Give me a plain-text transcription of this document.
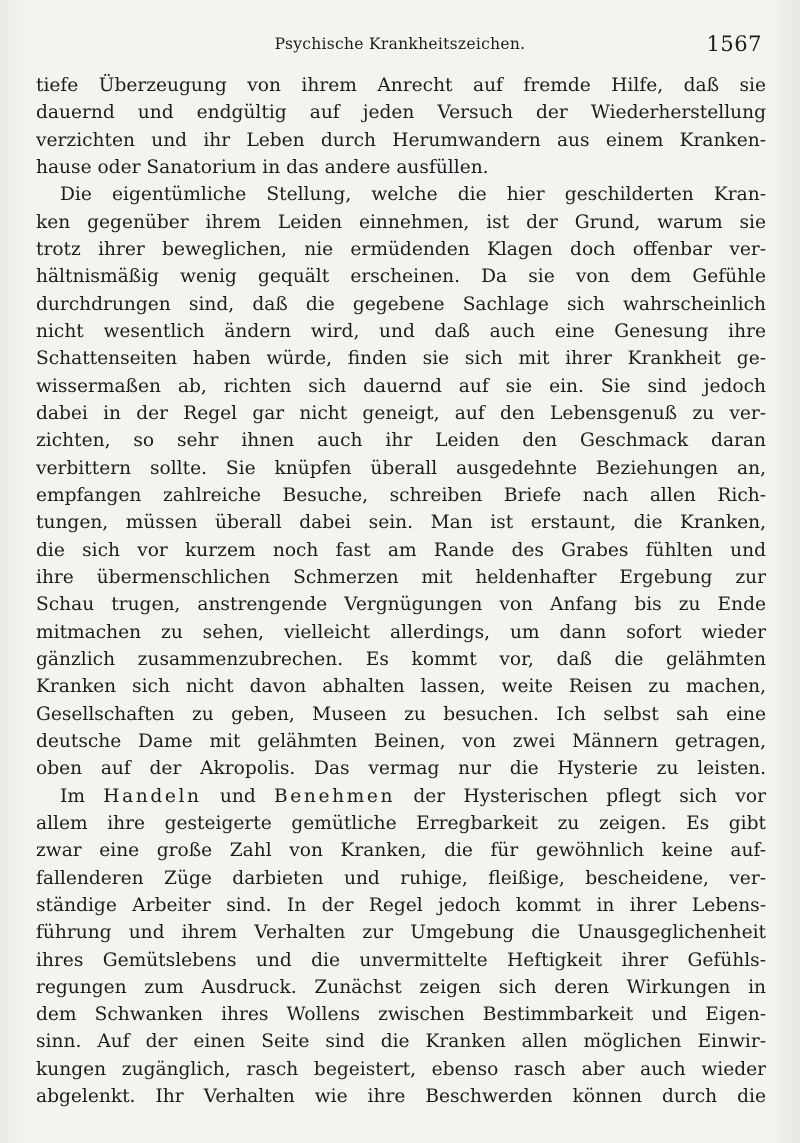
Psychische Krankheitszeichen.	1567
tiefe Überzeugung von ihrem Anrecht auf fremde Hilfe, daß sie
dauernd und endgültig auf jeden Versuch der Wiederherstellung
verzichten und ihr Leben durch Herumwandern aus einem Kranken-
hause oder Sanatorium in das andere ausfüllen.
Die eigentümliche Stellung, welche die hier geschilderten Kran-
ken gegenüber ihrem Leiden einnehmen, ist der Grund, warum sie
trotz ihrer beweglichen, nie ermüdenden Klagen doch offenbar ver-
hältnismäßig wenig gequält erscheinen. Da sie von dem Gefühle
durchdrungen sind, daß die gegebene Sachlage sich wahrscheinlich
nicht wesentlich ändern wird, und daß auch eine Genesung ihre
Schattenseiten haben würde, finden sie sich mit ihrer Krankheit ge-
wissermaßen ab, richten sich dauernd auf sie ein. Sie sind jedoch
dabei in der Regel gar nicht geneigt, auf den Lebensgenuß zu ver-
zichten, so sehr ihnen auch ihr Leiden den Geschmack daran
verbittern sollte. Sie knüpfen überall ausgedehnte Beziehungen an,
empfangen zahlreiche Besuche, schreiben Briefe nach allen Rich-
tungen, müssen überall dabei sein. Man ist erstaunt, die Kranken,
die sich vor kurzem noch fast am Rande des Grabes fühlten und
ihre übermenschlichen Schmerzen mit heldenhafter Ergebung zur
Schau trugen, anstrengende Vergnügungen von Anfang bis zu Ende
mitmachen zu sehen, vielleicht allerdings, um dann sofort wieder
gänzlich zusammenzubrechen. Es kommt vor, daß die gelähmten
Kranken sich nicht davon abhalten lassen, weite Reisen zu machen,
Gesellschaften zu geben, Museen zu besuchen. Ich selbst sah eine
deutsche Dame mit gelähmten Beinen, von zwei Männern getragen,
oben auf der Akropolis. Das vermag nur die Hysterie zu leisten.
Im Handeln und Benehmen der Hysterischen pflegt sich vor
allem ihre gesteigerte gemütliche Erregbarkeit zu zeigen. Es gibt
zwar eine große Zahl von Kranken, die für gewöhnlich keine auf-
fallenderen Züge darbieten und ruhige, fleißige, bescheidene, ver-
ständige Arbeiter sind. In der Regel jedoch kommt in ihrer Lebens-
führung und ihrem Verhalten zur Umgebung die Unausgeglichenheit
ihres Gemütslebens und die unvermittelte Heftigkeit ihrer Gefühls-
regungen zum Ausdruck. Zunächst zeigen sich deren Wirkungen in
dem Schwanken ihres Wollens zwischen Bestimmbarkeit und Eigen-
sinn. Auf der einen Seite sind die Kranken allen möglichen Einwir-
kungen zugänglich, rasch begeistert, ebenso rasch aber auch wieder
abgelenkt. Ihr Verhalten wie ihre Beschwerden können durch die
